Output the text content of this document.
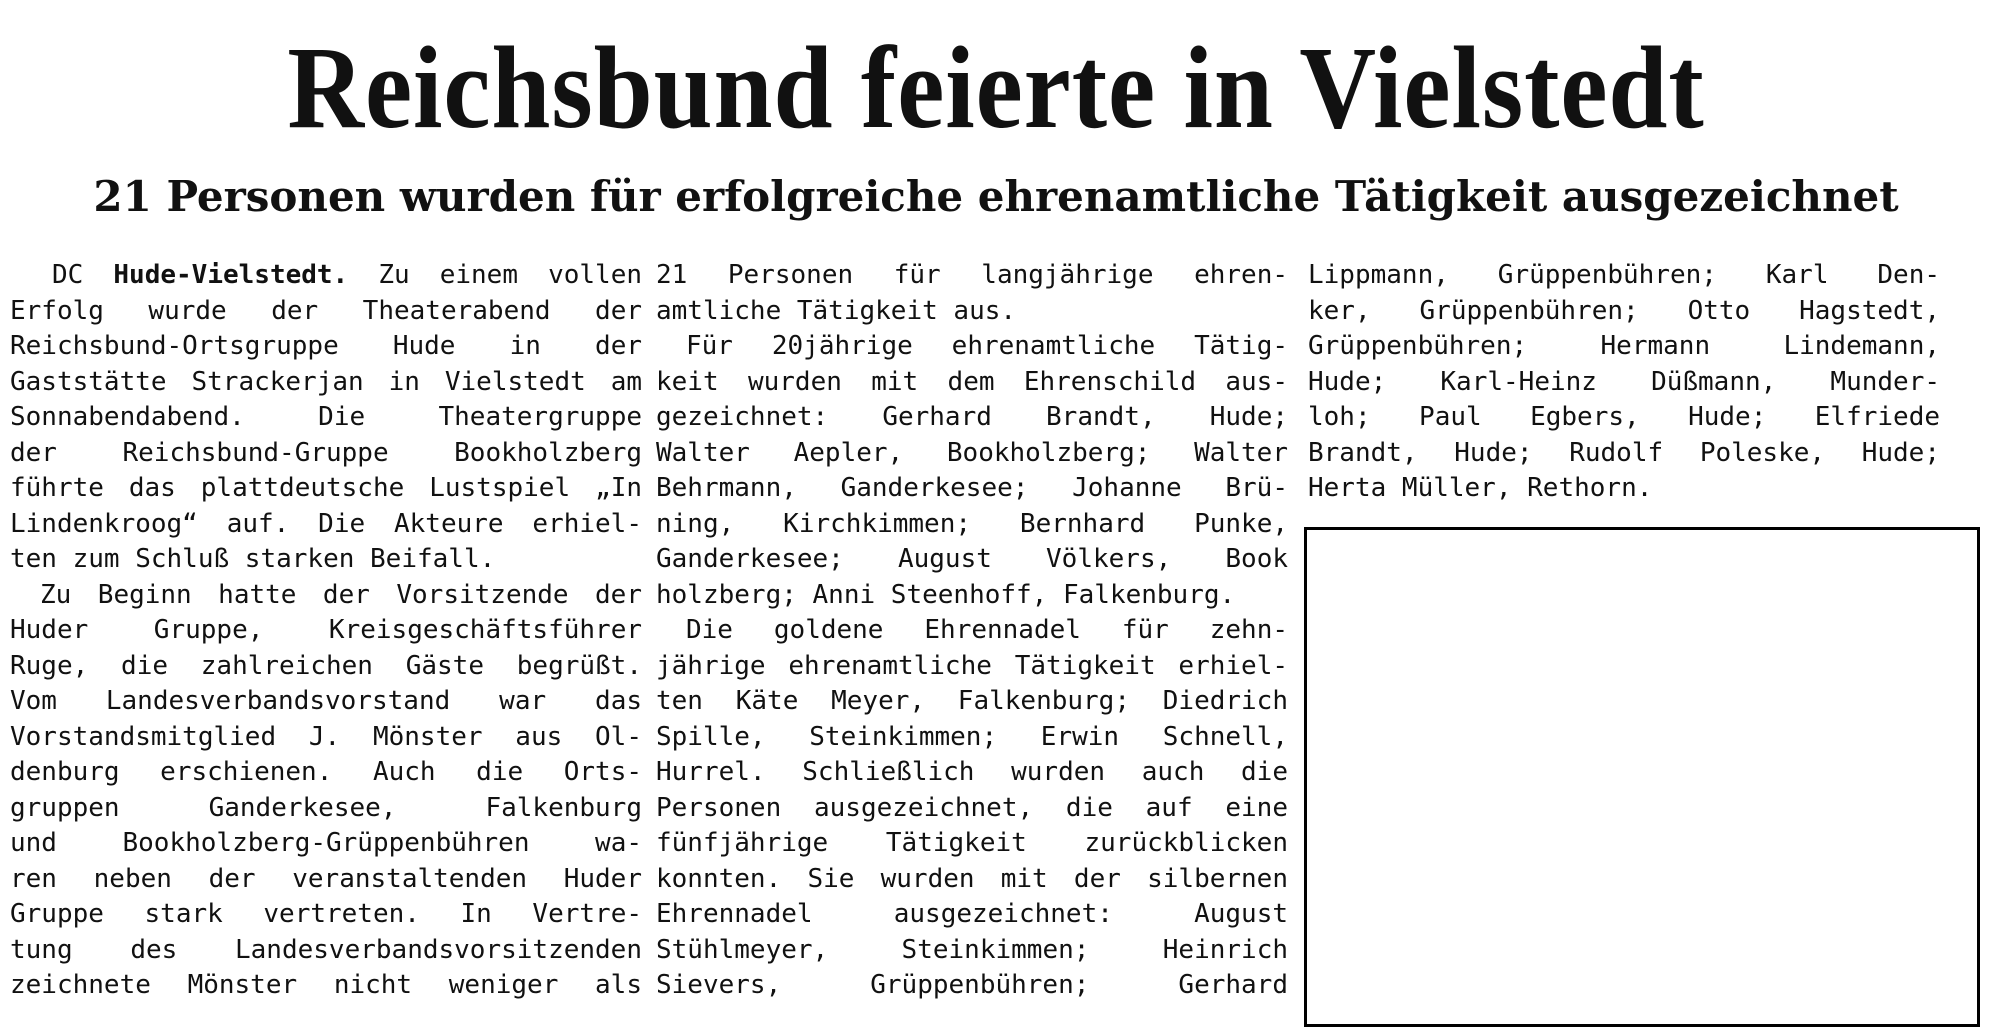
Reichsbund feierte in Vielstedt
21 Personen wurden für erfolgreiche ehrenamtliche Tätigkeit ausgezeichnet
DC Hude-Vielstedt. Zu einem vollen
Erfolg wurde der Theaterabend der
Reichsbund-Ortsgruppe Hude in der
Gaststätte Strackerjan in Vielstedt am
Sonnabendabend. Die Theatergruppe
der Reichsbund-Gruppe Bookholzberg
führte das plattdeutsche Lustspiel „In
Lindenkroog“ auf. Die Akteure erhiel-
ten zum Schluß starken Beifall.
Zu Beginn hatte der Vorsitzende der
Huder Gruppe, Kreisgeschäftsführer
Ruge, die zahlreichen Gäste begrüßt.
Vom Landesverbandsvorstand war das
Vorstandsmitglied J. Mönster aus Ol-
denburg erschienen. Auch die Orts-
gruppen Ganderkesee, Falkenburg
und Bookholzberg-Grüppenbühren wa-
ren neben der veranstaltenden Huder
Gruppe stark vertreten. In Vertre-
tung des Landesverbandsvorsitzenden
zeichnete Mönster nicht weniger als
21 Personen für langjährige ehren-
amtliche Tätigkeit aus.
Für 20jährige ehrenamtliche Tätig-
keit wurden mit dem Ehrenschild aus-
gezeichnet: Gerhard Brandt, Hude;
Walter Aepler, Bookholzberg; Walter
Behrmann, Ganderkesee; Johanne Brü-
ning, Kirchkimmen; Bernhard Punke,
Ganderkesee; August Völkers, Book
holzberg; Anni Steenhoff, Falkenburg.
Die goldene Ehrennadel für zehn-
jährige ehrenamtliche Tätigkeit erhiel-
ten Käte Meyer, Falkenburg; Diedrich
Spille, Steinkimmen; Erwin Schnell,
Hurrel. Schließlich wurden auch die
Personen ausgezeichnet, die auf eine
fünfjährige Tätigkeit zurückblicken
konnten. Sie wurden mit der silbernen
Ehrennadel ausgezeichnet: August
Stühlmeyer, Steinkimmen; Heinrich
Sievers, Grüppenbühren; Gerhard
Lippmann, Grüppenbühren; Karl Den-
ker, Grüppenbühren; Otto Hagstedt,
Grüppenbühren; Hermann Lindemann,
Hude; Karl-Heinz Düßmann, Munder-
loh; Paul Egbers, Hude; Elfriede
Brandt, Hude; Rudolf Poleske, Hude;
Herta Müller, Rethorn.
